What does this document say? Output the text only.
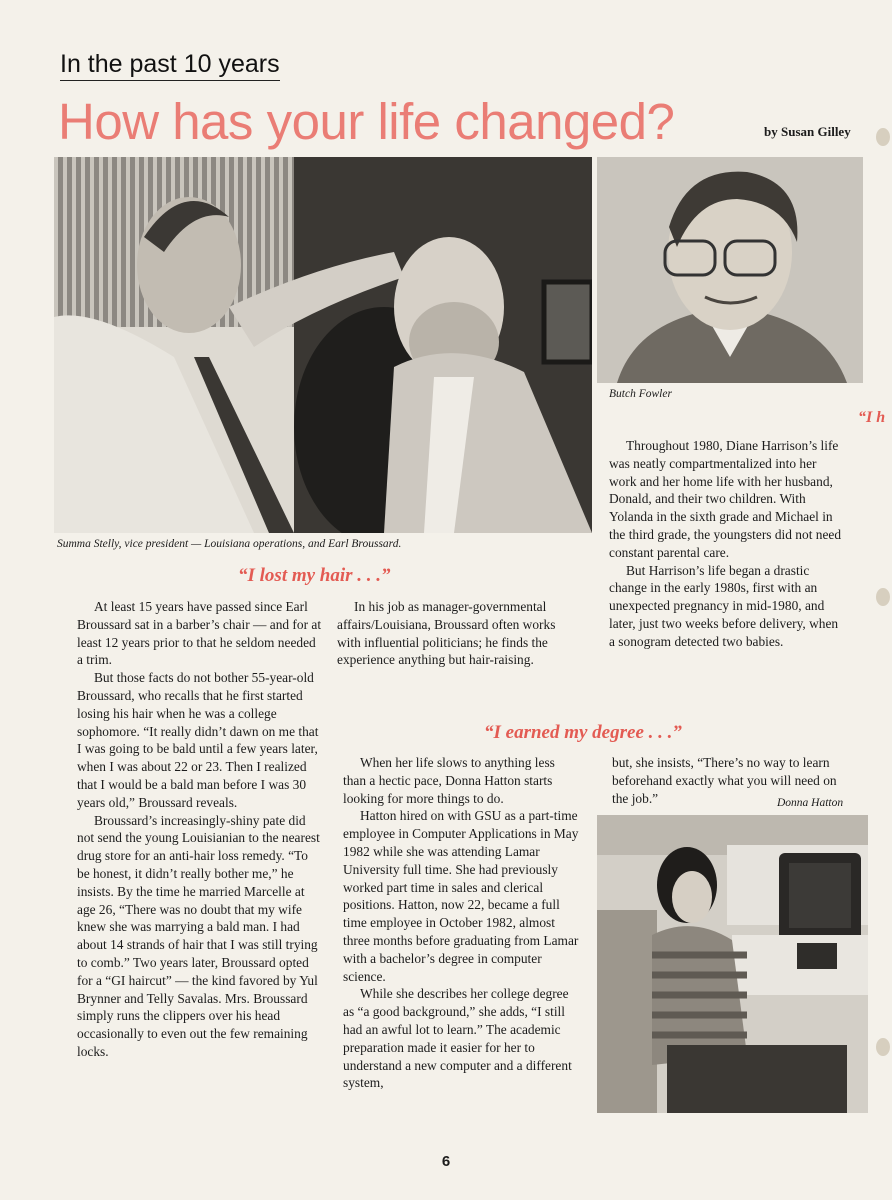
In the past 10 years
How has your life changed?	by Susan Gilley
Summa Stelly, vice president — Louisiana operations, and Earl Broussard.
Butch Fowler
“I h
“I lost my hair . . .”

At least 15 years have passed since Earl Broussard sat in a barber’s chair — and for at least 12 years prior to that he seldom needed a trim.

But those facts do not bother 55-year-old Broussard, who recalls that he first started losing his hair when he was a college sophomore. “It really didn’t dawn on me that I was going to be bald until a few years later, when I was about 22 or 23. Then I realized that I would be a bald man before I was 30 years old,” Broussard reveals.

Broussard’s increasingly-shiny pate did not send the young Louisianian to the nearest drug store for an anti-hair loss remedy. “To be honest, it didn’t really bother me,” he insists. By the time he married Marcelle at age 26, “There was no doubt that my wife knew she was marrying a bald man. I had about 14 strands of hair that I was still trying to comb.” Two years later, Broussard opted for a “GI haircut” — the kind favored by Yul Brynner and Telly Savalas. Mrs. Broussard simply runs the clippers over his head occasionally to even out the few remaining locks.

In his job as manager-governmental affairs/Louisiana, Broussard often works with influential politicians; he finds the experience anything but hair-raising.

Throughout 1980, Diane Harrison’s life was neatly compartmentalized into her work and her home life with her husband, Donald, and their two children. With Yolanda in the sixth grade and Michael in the third grade, the youngsters did not need constant parental care.

But Harrison’s life began a drastic change in the early 1980s, first with an unexpected pregnancy in mid-1980, and later, just two weeks before delivery, when a sonogram detected two babies.

“I earned my degree . . .”

When her life slows to anything less than a hectic pace, Donna Hatton starts looking for more things to do.

Hatton hired on with GSU as a part-time employee in Computer Applications in May 1982 while she was attending Lamar University full time. She had previously worked part time in sales and clerical positions. Hatton, now 22, became a full time employee in October 1982, almost three months before graduating from Lamar with a bachelor’s degree in computer science.

While she describes her college degree as “a good background,” she adds, “I still had an awful lot to learn.” The academic preparation made it easier for her to understand a new computer and a different system,

but, she insists, “There’s no way to learn beforehand exactly what you will need on the job.”	Donna Hatton
6
